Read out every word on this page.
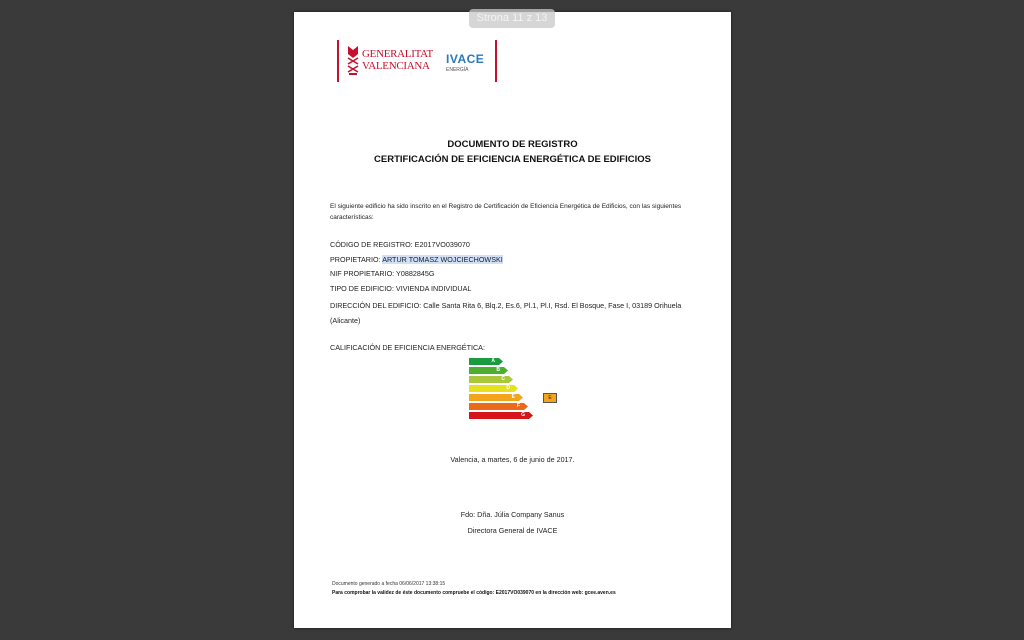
GENERALITAT
VALENCIANA IVACE
ENERGÍA
DOCUMENTO DE REGISTRO
CERTIFICACIÓN DE EFICIENCIA ENERGÉTICA DE EDIFICIOS
El siguiente edificio ha sido inscrito en el Registro de Certificación de Eficiencia Energética de Edificios, con las siguientes características:
CÓDIGO DE REGISTRO: E2017VO039070
PROPIETARIO: ARTUR TOMASZ WOJCIECHOWSKI
NIF PROPIETARIO: Y0882845G
TIPO DE EDIFICIO: VIVIENDA INDIVIDUAL
DIRECCIÓN DEL EDIFICIO: Calle Santa Rita 6, Blq.2, Es.6, Pl.1, Pl.I, Rsd. El Bosque, Fase I, 03189 Orihuela (Alicante)
CALIFICACIÓN DE EFICIENCIA ENERGÉTICA:
A
B
C
D
E
F
G
E
Valencia, a martes, 6 de junio de 2017.
Fdo: Dña. Júlia Company Sanus
Directora General de IVACE
Documento generado a fecha 06/06/2017 13:38:15
Para comprobar la validez de éste documento compruebe el código: E2017VO039070 en la dirección web: gcee.aven.es
Strona 11 z 13
